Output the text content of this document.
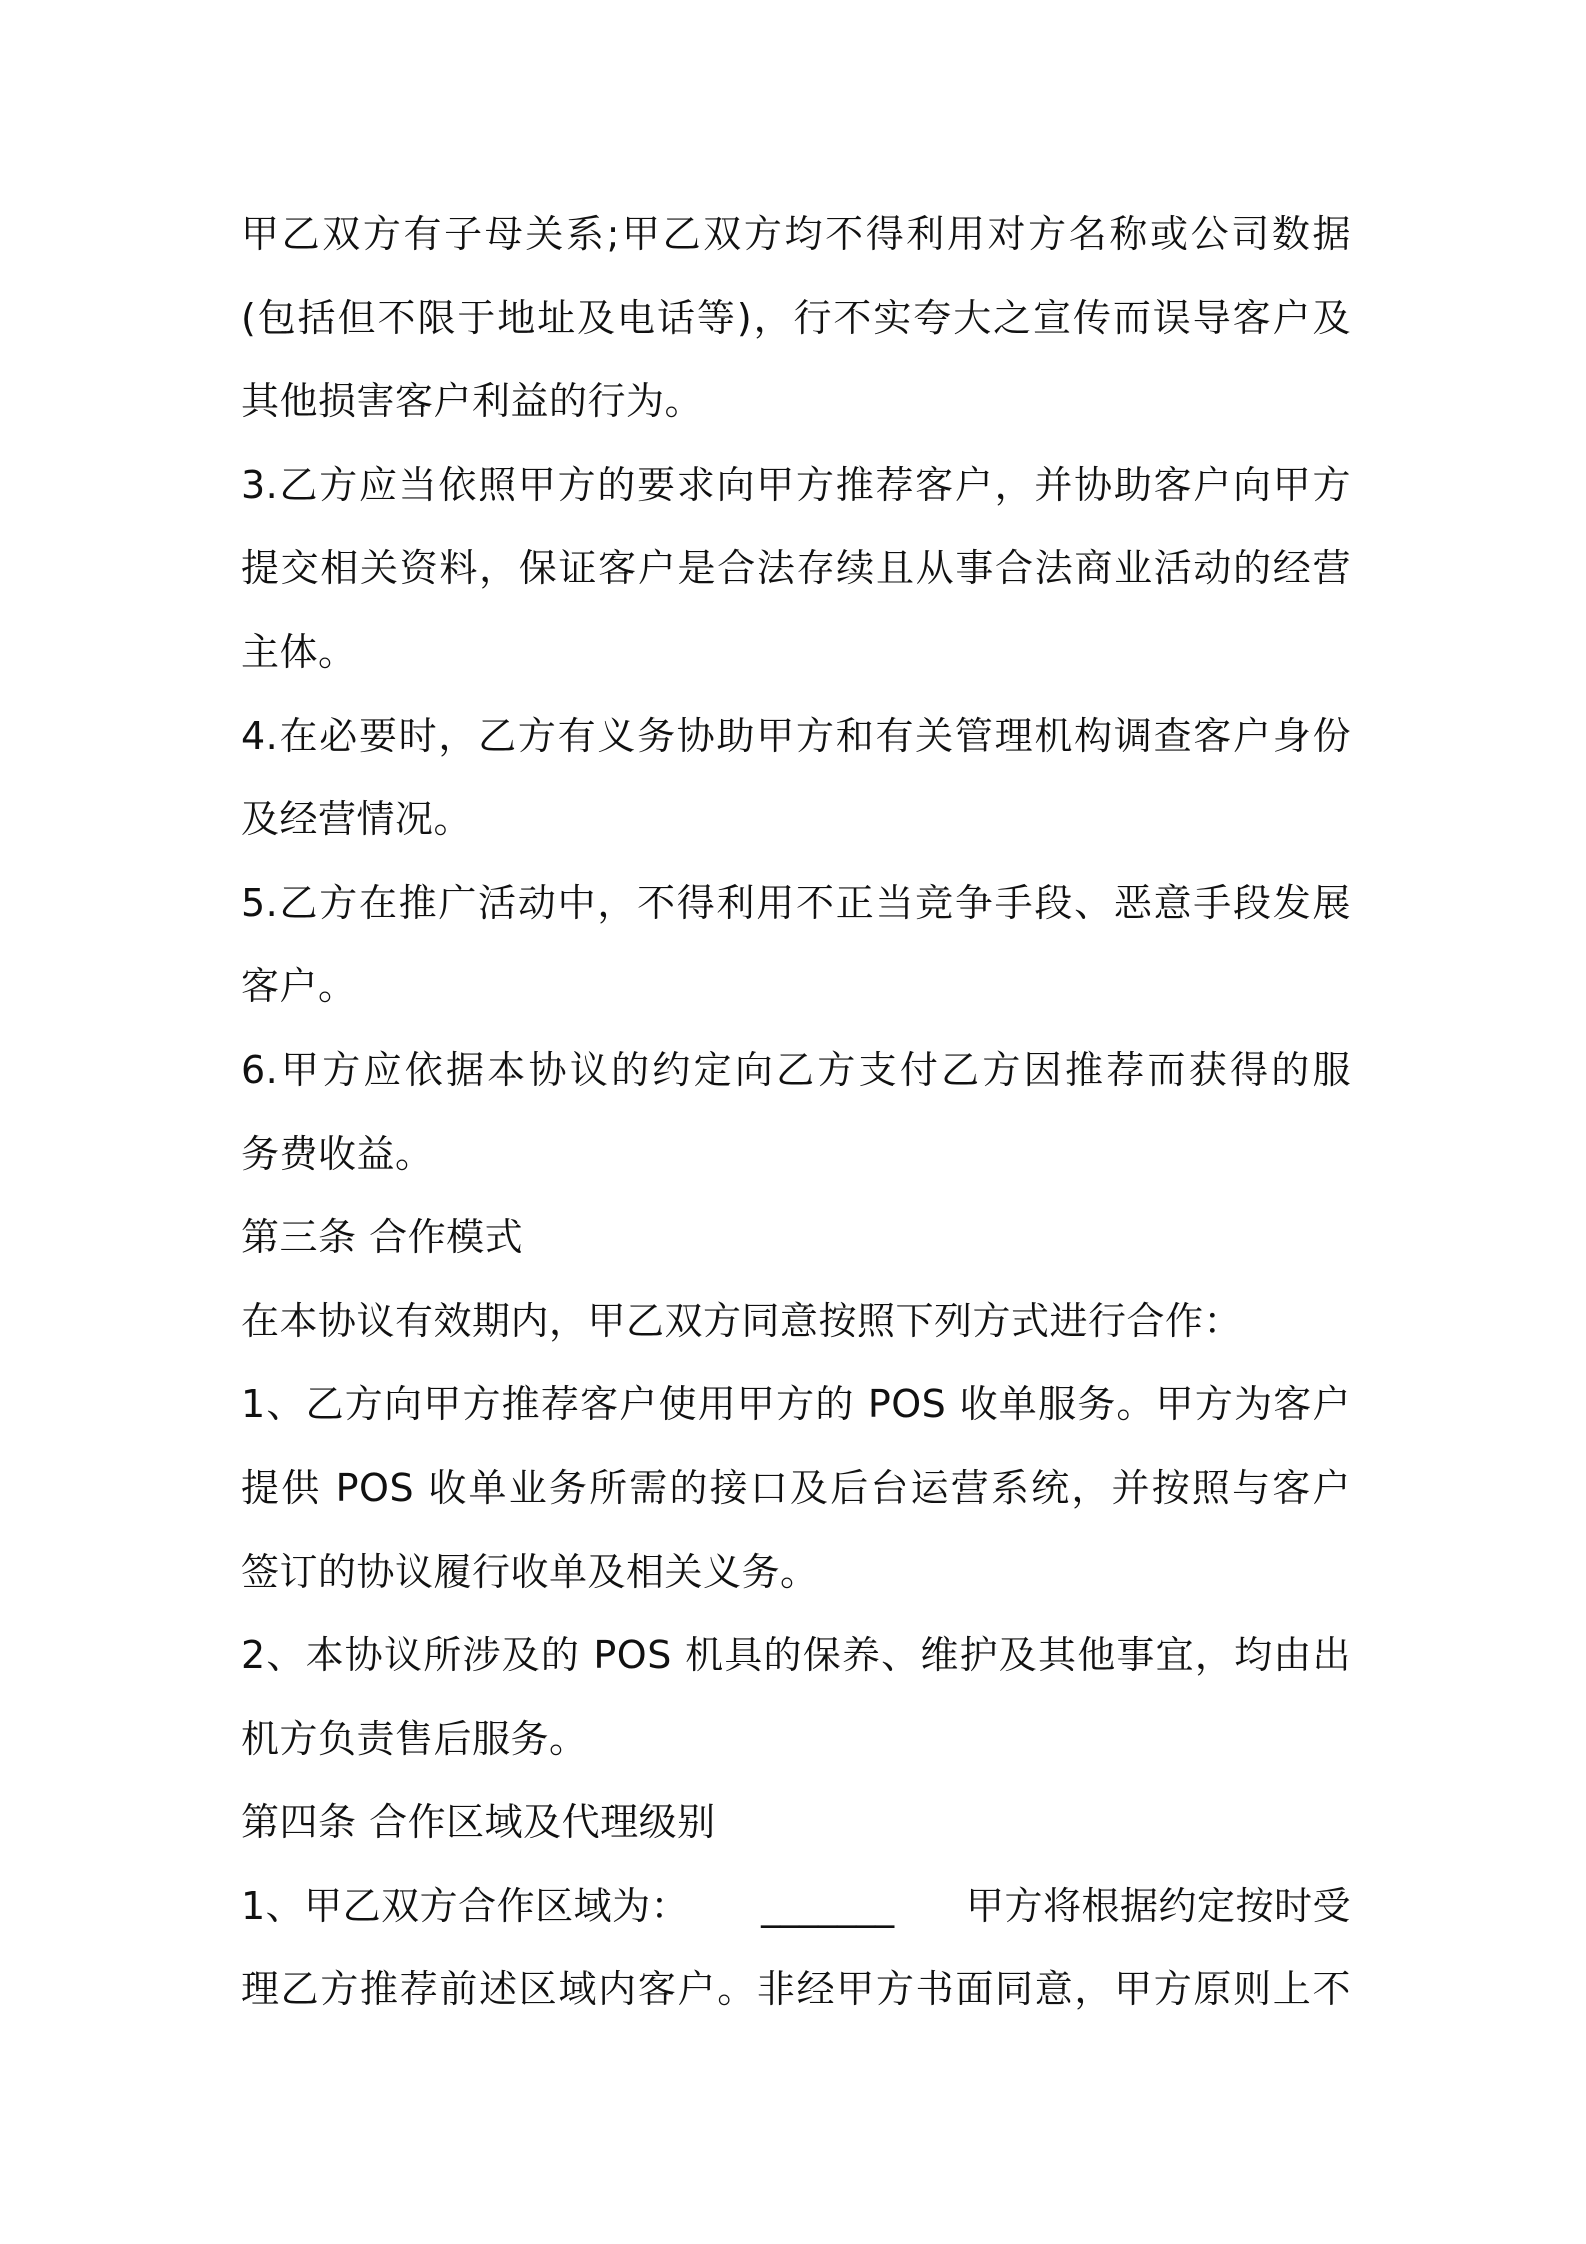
甲乙双方有子母关系;甲乙双方均不得利用对方名称或公司数据
(包括但不限于地址及电话等)，行不实夸大之宣传而误导客户及
其他损害客户利益的行为。
3.乙方应当依照甲方的要求向甲方推荐客户，并协助客户向甲方
提交相关资料，保证客户是合法存续且从事合法商业活动的经营
主体。
4.在必要时，乙方有义务协助甲方和有关管理机构调查客户身份
及经营情况。
5.乙方在推广活动中，不得利用不正当竞争手段、恶意手段发展
客户。
6.甲方应依据本协议的约定向乙方支付乙方因推荐而获得的服
务费收益。
第三条 合作模式
在本协议有效期内，甲乙双方同意按照下列方式进行合作：
1、乙方向甲方推荐客户使用甲方的 POS 收单服务。甲方为客户
提供 POS 收单业务所需的接口及后台运营系统，并按照与客户
签订的协议履行收单及相关义务。
2、本协议所涉及的 POS 机具的保养、维护及其他事宜，均由出
机方负责售后服务。
第四条 合作区域及代理级别
1、甲乙双方合作区域为： _______ 甲方将根据约定按时受
理乙方推荐前述区域内客户。非经甲方书面同意，甲方原则上不
